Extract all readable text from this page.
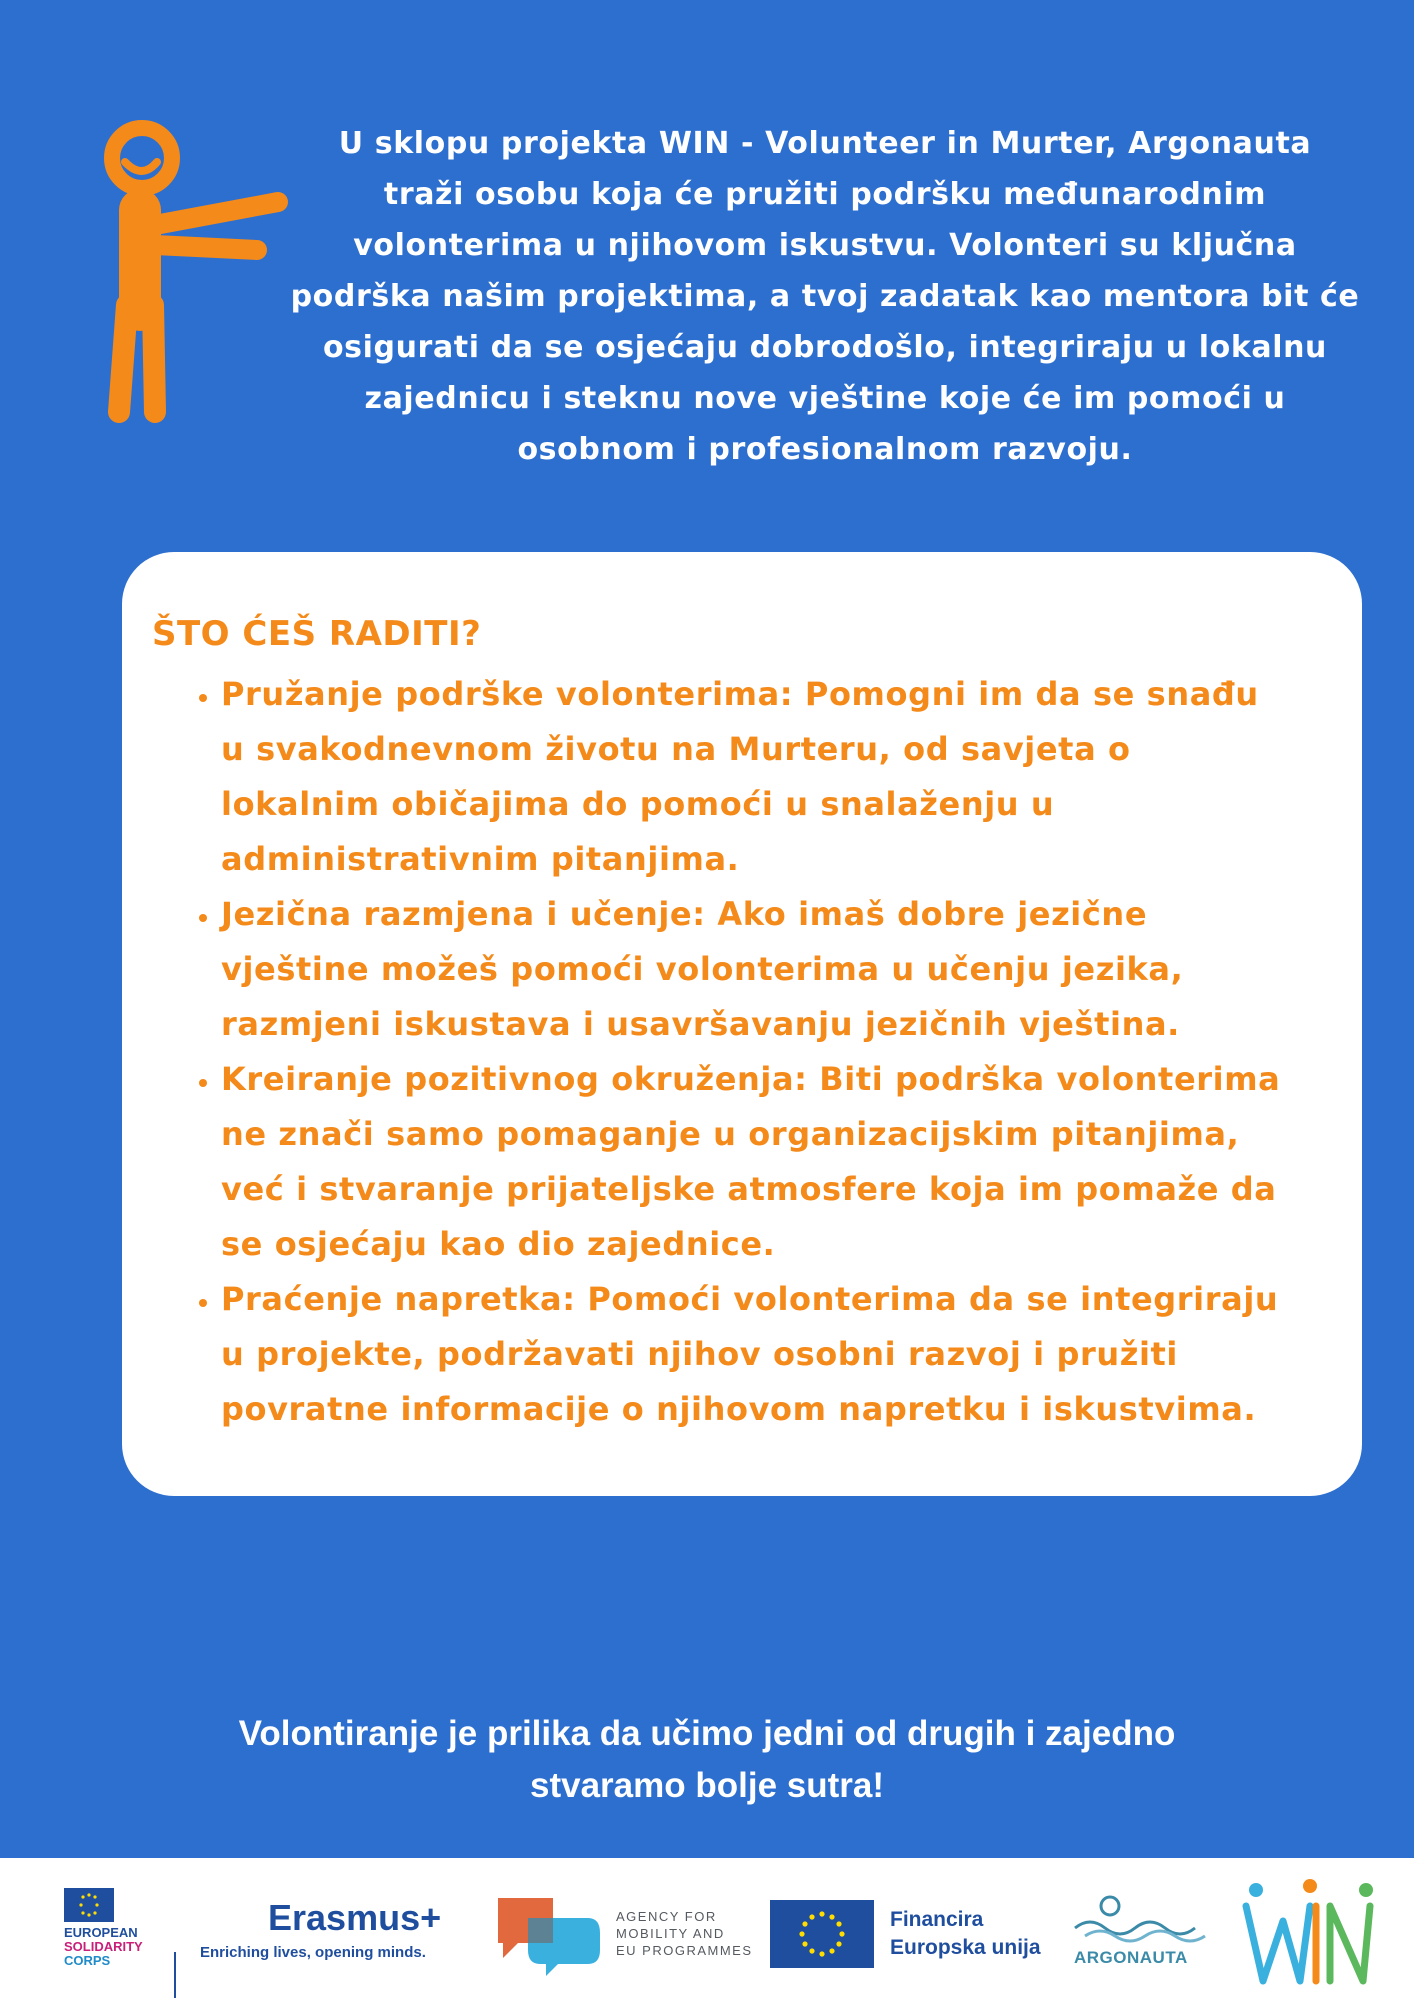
U sklopu projekta WIN - Volunteer in Murter, Argonauta
traži osobu koja će pružiti podršku međunarodnim
volonterima u njihovom iskustvu. Volonteri su ključna
podrška našim projektima, a tvoj zadatak kao mentora bit će
osigurati da se osjećaju dobrodošlo, integriraju u lokalnu
zajednicu i steknu nove vještine koje će im pomoći u
osobnom i profesionalnom razvoju.

ŠTO ĆEŠ RADITI?
• Pružanje podrške volonterima: Pomogni im da se snađu
u svakodnevnom životu na Murteru, od savjeta o
lokalnim običajima do pomoći u snalaženju u
administrativnim pitanjima.
• Jezična razmjena i učenje: Ako imaš dobre jezične
vještine možeš pomoći volonterima u učenju jezika,
razmjeni iskustava i usavršavanju jezičnih vještina.
• Kreiranje pozitivnog okruženja: Biti podrška volonterima
ne znači samo pomaganje u organizacijskim pitanjima,
već i stvaranje prijateljske atmosfere koja im pomaže da
se osjećaju kao dio zajednice.
• Praćenje napretka: Pomoći volonterima da se integriraju
u projekte, podržavati njihov osobni razvoj i pružiti
povratne informacije o njihovom napretku i iskustvima.

Volontiranje je prilika da učimo jedni od drugih i zajedno
stvaramo bolje sutra!

EUROPEAN
SOLIDARITY
CORPS
Erasmus+
Enriching lives, opening minds.
AGENCY FOR
MOBILITY AND
EU PROGRAMMES
Financira
Europska unija ARGONAUTA
